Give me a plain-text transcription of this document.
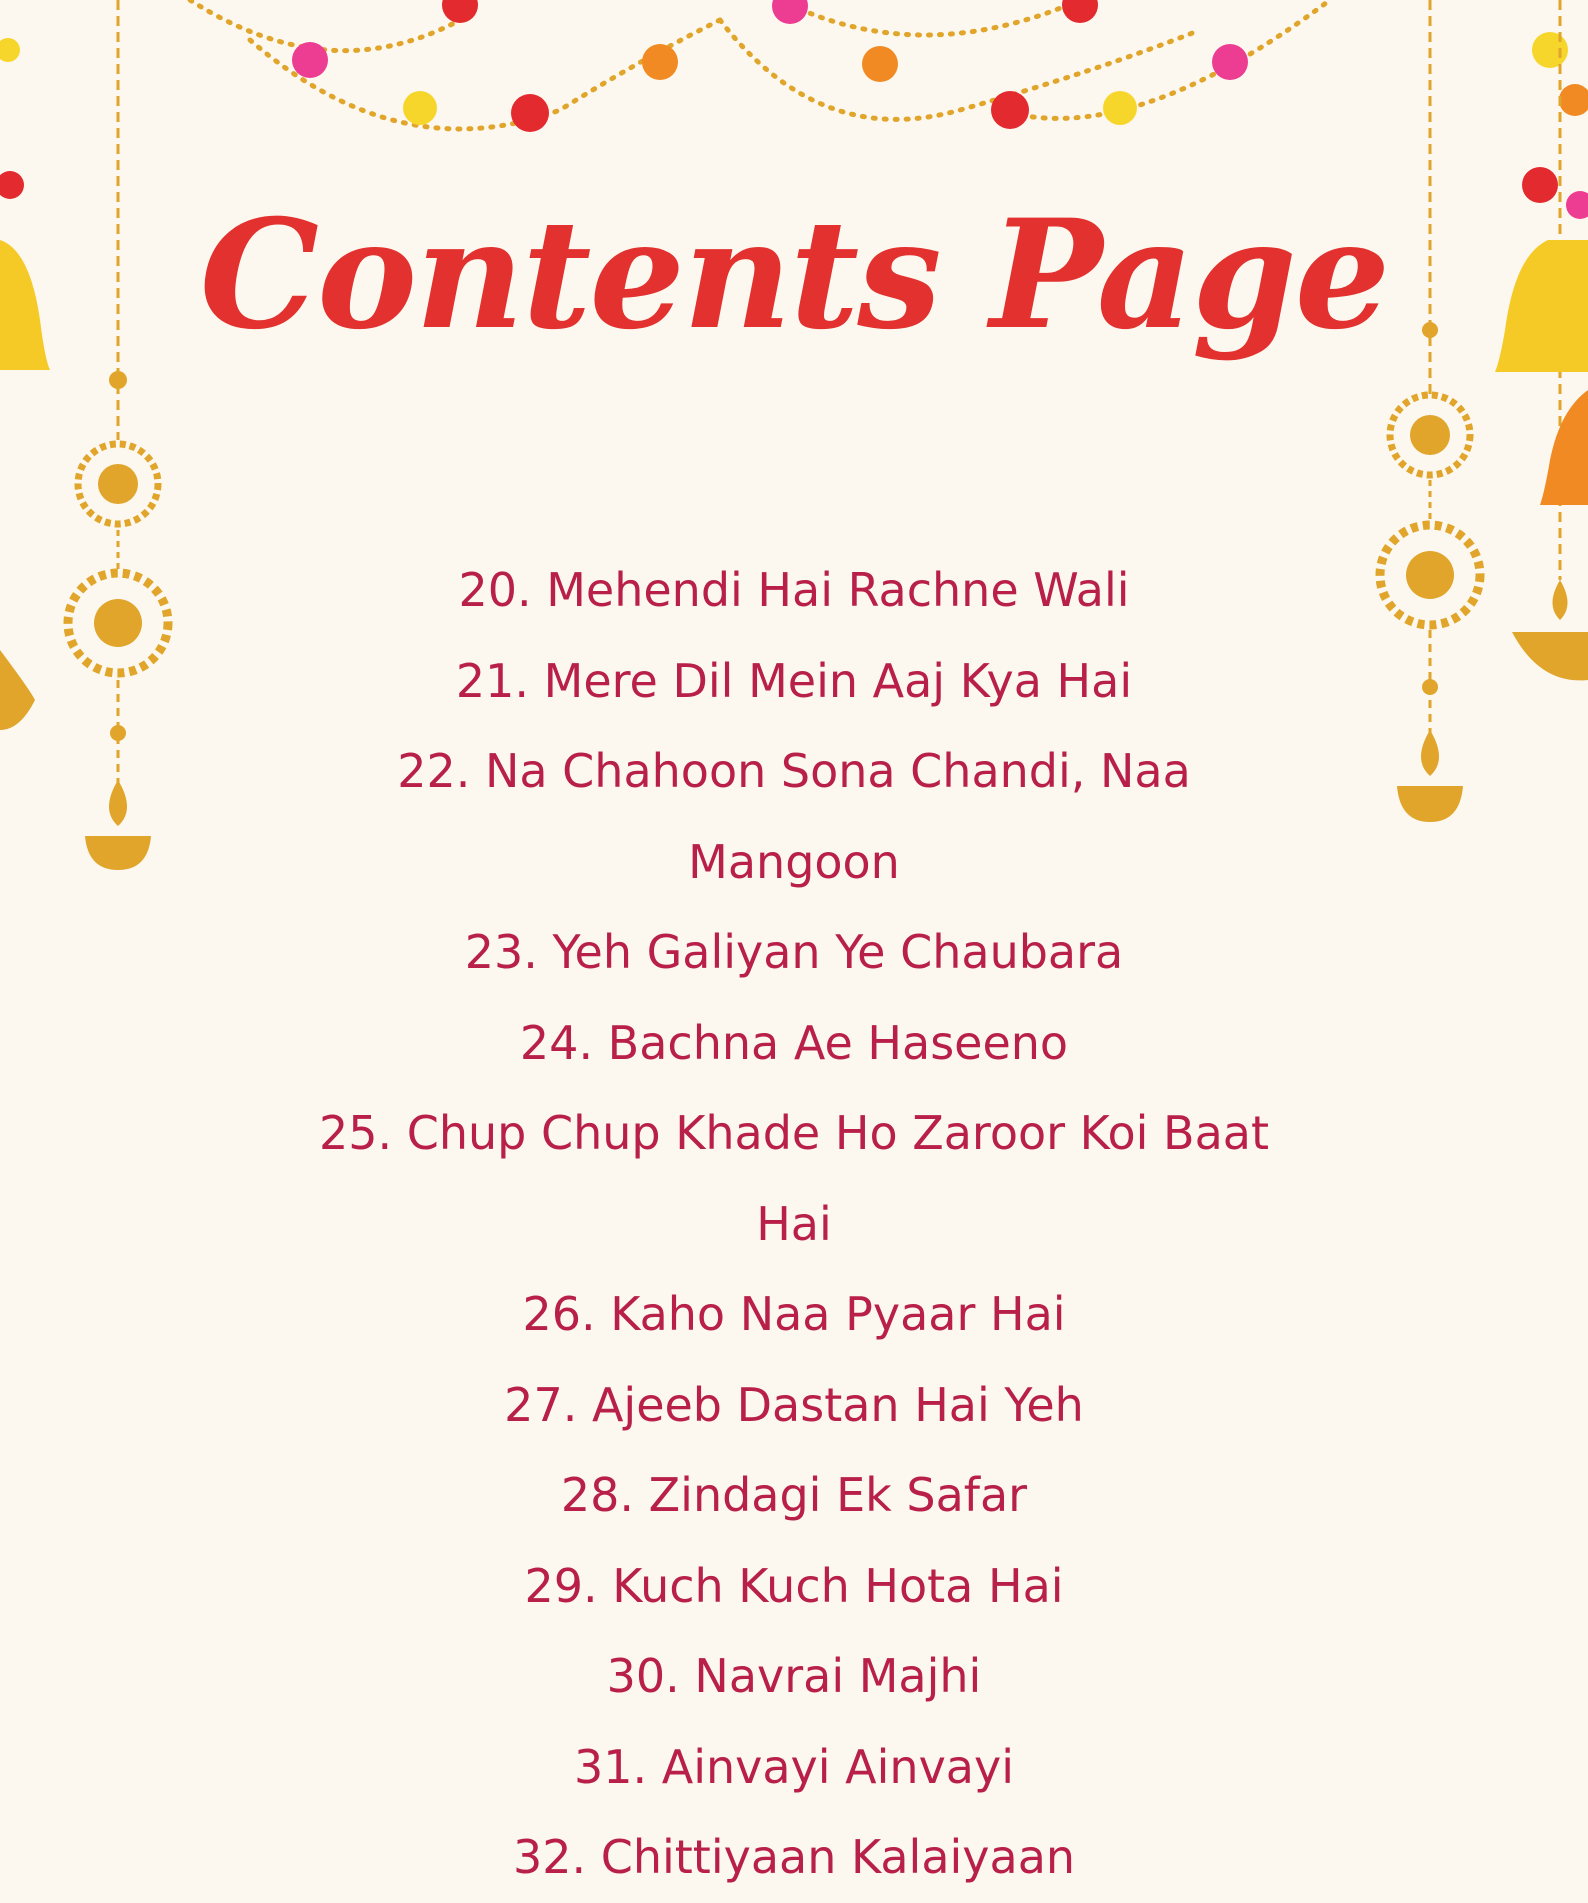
Contents Page
20. Mehendi Hai Rachne Wali
21. Mere Dil Mein Aaj Kya Hai
22. Na Chahoon Sona Chandi, Naa
Mangoon
23. Yeh Galiyan Ye Chaubara
24. Bachna Ae Haseeno
25. Chup Chup Khade Ho Zaroor Koi Baat
Hai
26. Kaho Naa Pyaar Hai
27. Ajeeb Dastan Hai Yeh
28. Zindagi Ek Safar
29. Kuch Kuch Hota Hai
30. Navrai Majhi
31. Ainvayi Ainvayi
32. Chittiyaan Kalaiyaan
